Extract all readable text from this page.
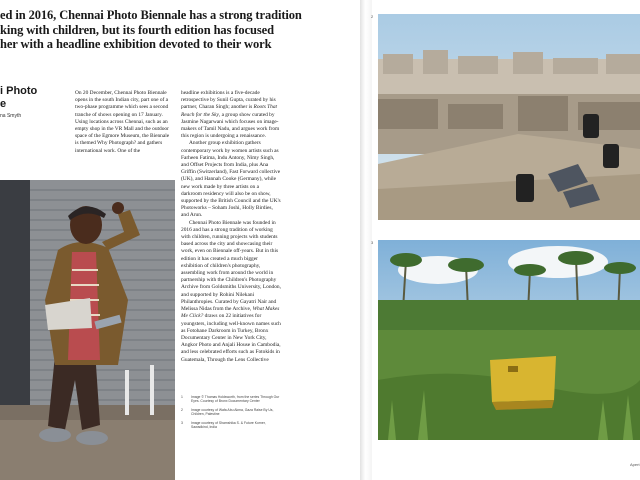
ed in 2016, Chennai Photo Biennale has a strong tradition
king with children, but its fourth edition has focused
her with a headline exhibition devoted to their work
i Photo
e
na Smyth
On 20 December, Chennai Photo Biennale opens in the south Indian city, part one of a two-phase programme which sees a second tranche of shows opening on 17 January. Using locations across Chennai, such as an empty shop in the VR Mall and the outdoor space of the Egmore Museum, the Biennale is themed Why Photograph? and gathers international work. One of the

headline exhibitions is a five-decade retrospective by Sunil Gupta, curated by his partner, Charan Singh; another is Roots That Reach for the Sky, a group show curated by Jasmine Nagarwani which focuses on image-makers of Tamil Nadu, and argues work from this region is undergoing a renaissance.

Another group exhibition gathers contemporary work by women artists such as Farheen Fatima, Indu Antony, Nimy Singh, and Offset Projects from India, plus Ana Griffin (Switzerland), Fast Forward collective (UK), and Hannah Cooke (Germany), while new work made by three artists on a darkroom residency will also be on show, supported by the British Council and the UK's Photoworks – Soham Joshi, Holly Birdies, and Arun.

Chennai Photo Biennale was founded in 2016 and has a strong tradition of working with children, running projects with students based across the city and showcasing their work, even on Biennale off-years. But in this edition it has created a much bigger exhibition of children's photography, assembling work from around the world in partnership with the Children's Photography Archive from Goldsmiths University, London, and supported by Rohini Nilekani Philanthropies. Curated by Gayatri Nair and Melissa Nidas from the Archive, What Makes Me Click? draws on 22 initiatives for youngsters, including well-known names such as Fotohane Darkroom in Turkey, Bronx Documentary Center in New York City, Angkor Photo and Anjali House in Cambodia, and less celebrated efforts such as Fotokids in Guatemala, Through the Lens Collective

1	Image © Thomas Holdsworth, from the series Through Our Eyes. Courtesy of Bronx Documentary Center
2	Image courtesy of Wafa Abu Akma, Gaza Raise By Us, Children, Palestine
3	Image courtesy of Shamshika S. & Future Korner, Sawadkind, India
2
3
Apert
